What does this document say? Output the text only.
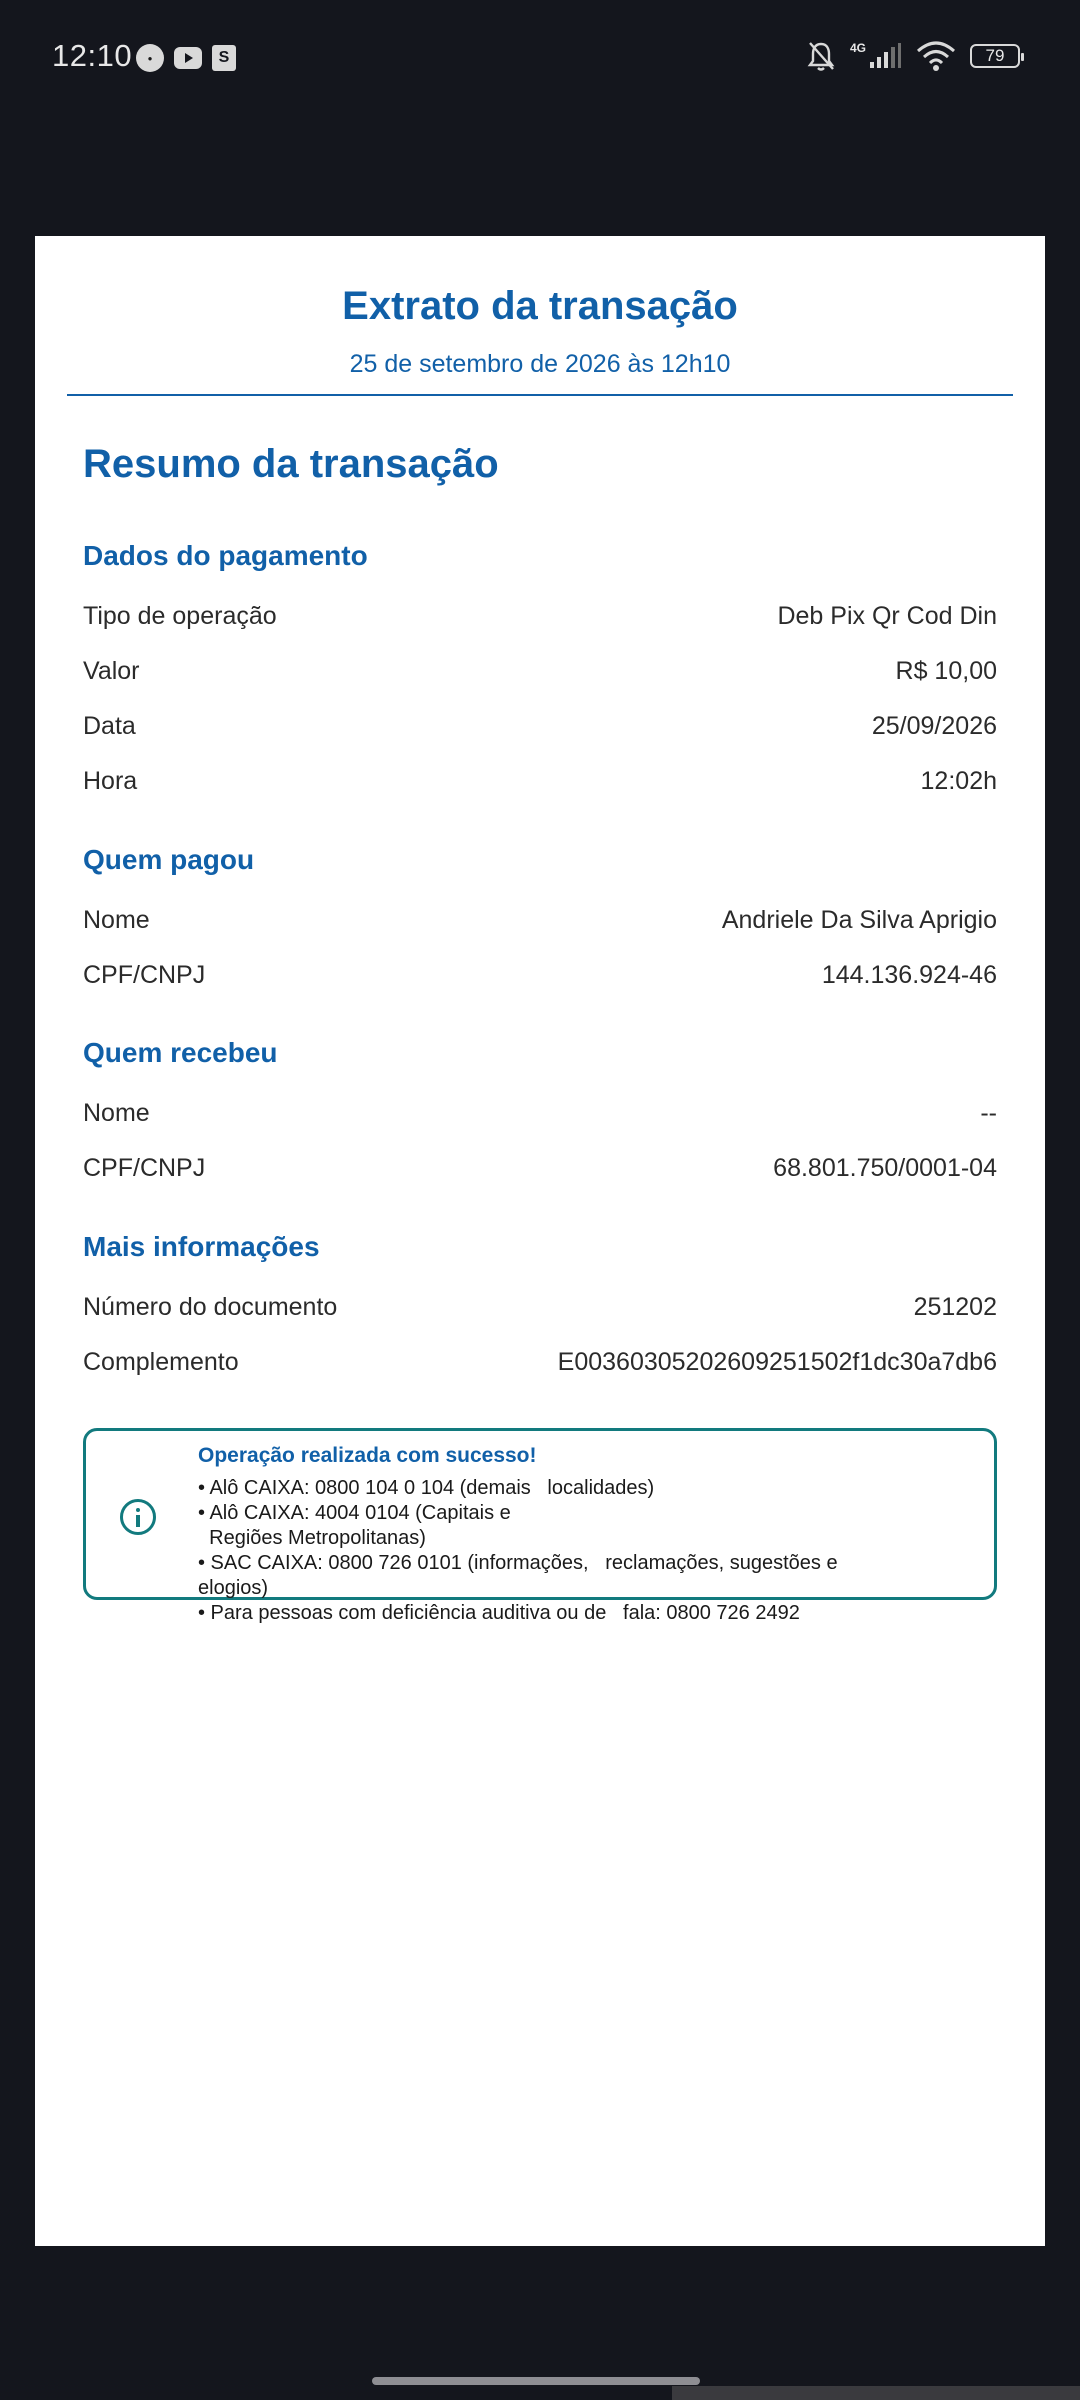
12:10	●	S
4G	79
Extrato da transação
25 de setembro de 2026 às 12h10
Resumo da transação
Dados do pagamento
Tipo de operação	Deb Pix Qr Cod Din
Valor	R$ 10,00
Data	25/09/2026
Hora	12:02h
Quem pagou
Nome	Andriele Da Silva Aprigio
CPF/CNPJ	144.136.924-46
Quem recebeu
Nome	--
CPF/CNPJ	68.801.750/0001-04
Mais informações
Número do documento	251202
Complemento	E00360305202609251502f1dc30a7db6
Operação realizada com sucesso!
• Alô CAIXA: 0800 104 0 104 (demais   localidades)
• Alô CAIXA: 4004 0104 (Capitais e
Regiões Metropolitanas)
• SAC CAIXA: 0800 726 0101 (informações,   reclamações, sugestões e
elogios)
• Para pessoas com deficiência auditiva ou de   fala: 0800 726 2492
